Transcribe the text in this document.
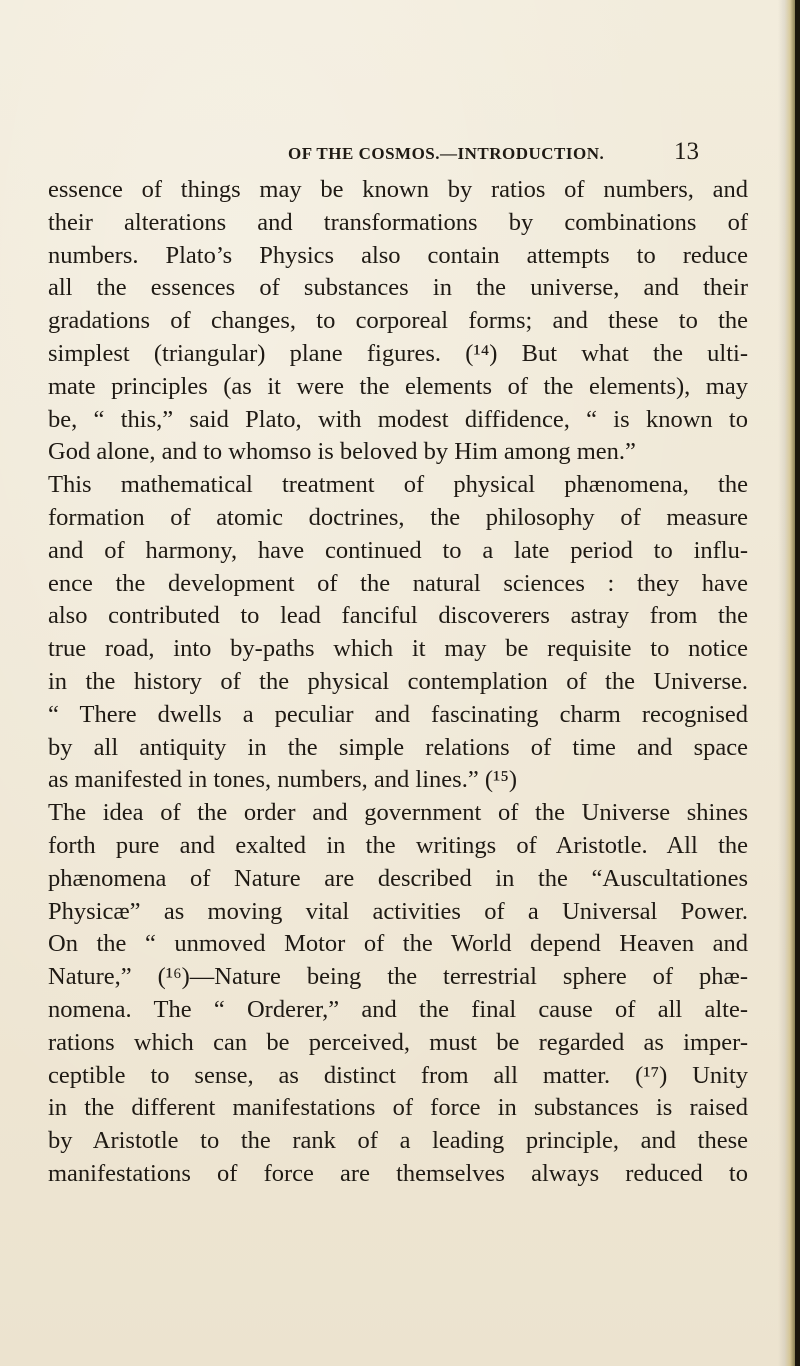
OF THE COSMOS.—INTRODUCTION.	13
essence of things may be known by ratios of numbers, and
their alterations and transformations by combinations of
numbers. Plato’s Physics also contain attempts to reduce
all the essences of substances in the universe, and their
gradations of changes, to corporeal forms; and these to the
simplest (triangular) plane figures. (¹⁴) But what the ulti-
mate principles (as it were the elements of the elements), may
be, “ this,” said Plato, with modest diffidence, “ is known to
God alone, and to whomso is beloved by Him among men.”
This mathematical treatment of physical phænomena, the
formation of atomic doctrines, the philosophy of measure
and of harmony, have continued to a late period to influ-
ence the development of the natural sciences : they have
also contributed to lead fanciful discoverers astray from the
true road, into by-paths which it may be requisite to notice
in the history of the physical contemplation of the Universe.
“ There dwells a peculiar and fascinating charm recognised
by all antiquity in the simple relations of time and space
as manifested in tones, numbers, and lines.” (¹⁵)
The idea of the order and government of the Universe shines
forth pure and exalted in the writings of Aristotle. All the
phænomena of Nature are described in the “Auscultationes
Physicæ” as moving vital activities of a Universal Power.
On the “ unmoved Motor of the World depend Heaven and
Nature,” (¹⁶)—Nature being the terrestrial sphere of phæ-
nomena. The “ Orderer,” and the final cause of all alte-
rations which can be perceived, must be regarded as imper-
ceptible to sense, as distinct from all matter. (¹⁷) Unity
in the different manifestations of force in substances is raised
by Aristotle to the rank of a leading principle, and these
manifestations of force are themselves always reduced to
